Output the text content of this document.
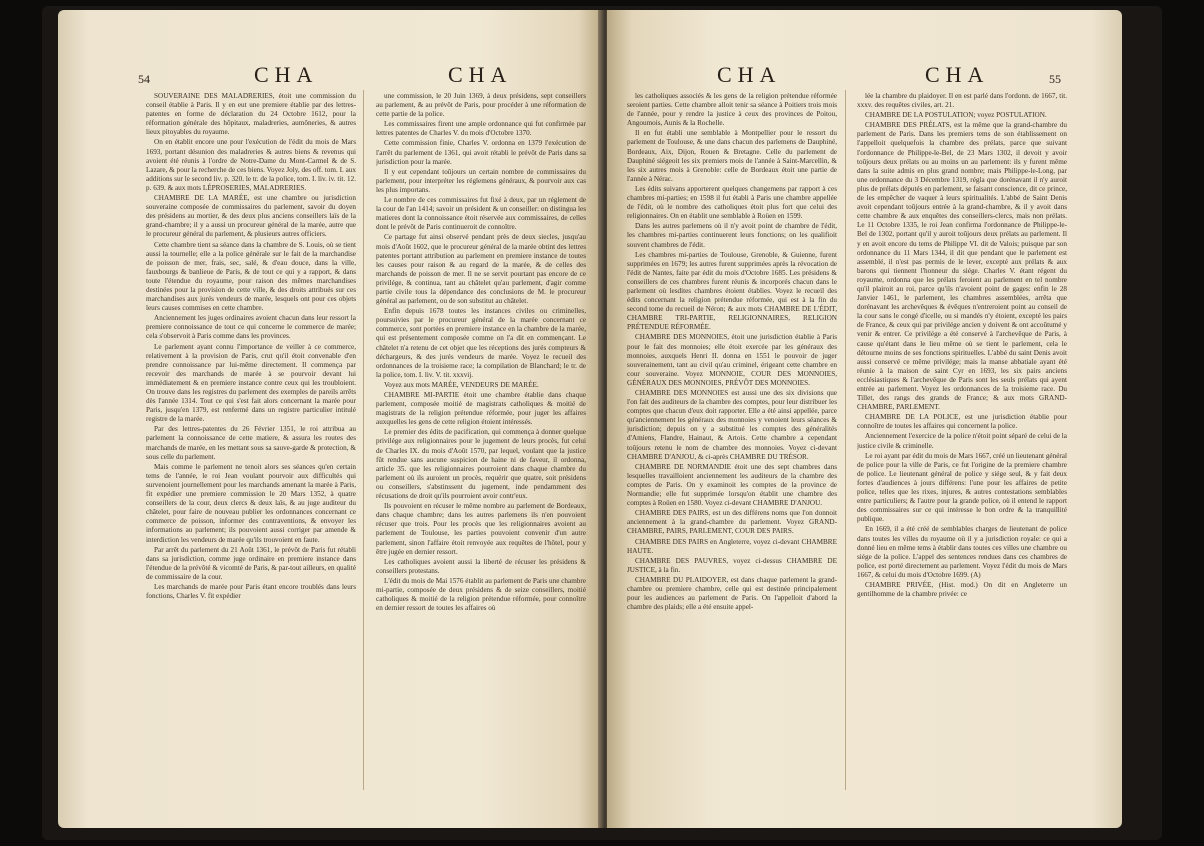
54	CHA	CHA

SOUVERAINE DES MALADRERIES, étoit une commission du conseil établie à Paris. Il y en eut une premiere établie par des lettres-patentes en forme de déclaration du 24 Octobre 1612, pour la réformation générale des hôpitaux, maladreries, aumôneries, & autres lieux pitoyables du royaume.

On en établit encore une pour l'exécution de l'édit du mois de Mars 1693, portant désunion des maladreries & autres biens & revenus qui avoient été réunis à l'ordre de Notre-Dame du Mont-Carmel & de S. Lazare, & pour la recherche de ces biens. Voyez Joly, des off. tom. I. aux additions sur le second liv. p. 320. le tr. de la police, tom. I. liv. iv. tit. 12. p. 639. & aux mots LÉPROSERIES, MALADRERIES.

CHAMBRE DE LA MARÉE, est une chambre ou jurisdiction souveraine composée de commissaires du parlement, savoir du doyen des présidens au mortier, & des deux plus anciens conseillers laïs de la grand-chambre; il y a aussi un procureur général de la marée, autre que le procureur général du parlement, & plusieurs autres officiers.

Cette chambre tient sa séance dans la chambre de S. Louis, où se tient aussi la tournelle; elle a la police générale sur le fait de la marchandise de poisson de mer, frais, sec, salé, & d'eau douce, dans la ville, fauxbourgs & banlieue de Paris, & de tout ce qui y a rapport, & dans toute l'étendue du royaume, pour raison des mêmes marchandises destinées pour la provision de cette ville, & des droits attribués sur ces marchandises aux jurés vendeurs de marée, lesquels ont pour ces objets leurs causes commises en cette chambre.

Anciennement les juges ordinaires avoient chacun dans leur ressort la premiere connoissance de tout ce qui concerne le commerce de marée; cela s'observoit à Paris comme dans les provinces.

Le parlement ayant connu l'importance de veiller à ce commerce, relativement à la provision de Paris, crut qu'il étoit convenable d'en prendre connoissance par lui-même directement. Il commença par recevoir des marchands de marée à se pourvoir devant lui immédiatement & en premiere instance contre ceux qui les troubloient. On trouve dans les registres du parlement des exemples de pareils arrêts dès l'année 1314. Tout ce qui s'est fait alors concernant la marée pour Paris, jusqu'en 1379, est renfermé dans un registre particulier intitulé registre de la marée.

Par des lettres-patentes du 26 Février 1351, le roi attribua au parlement la connoissance de cette matiere, & assura les routes des marchands de marée, en les mettant sous sa sauve-garde & protection, & sous celle du parlement.

Mais comme le parlement ne tenoit alors ses séances qu'en certain tems de l'année, le roi Jean voulant pourvoir aux difficultés qui survenoient journellement pour les marchands amenant la marée à Paris, fit expédier une premiere commission le 20 Mars 1352, à quatre conseillers de la cour, deux clercs & deux laïs, & au juge auditeur du châtelet, pour faire de nouveau publier les ordonnances concernant ce commerce de poisson, informer des contraventions, & envoyer les informations au parlement; ils pouvoient aussi corriger par amende & interdiction les vendeurs de marée qu'ils trouvoient en faute.

Par arrêt du parlement du 21 Août 1361, le prévôt de Paris fut rétabli dans sa jurisdiction, comme juge ordinaire en premiere instance dans l'étendue de la prévôté & vicomté de Paris, & par-tout ailleurs, en qualité de commissaire de la cour.

Les marchands de marée pour Paris étant encore troublés dans leurs fonctions, Charles V. fit expédier

une commission, le 20 Juin 1369, à deux présidens, sept conseillers au parlement, & au prévôt de Paris, pour procéder à une réformation de cette partie de la police.

Les commissaires firent une ample ordonnance qui fut confirmée par lettres patentes de Charles V. du mois d'Octobre 1370.

Cette commission finie, Charles V. ordonna en 1379 l'exécution de l'arrêt du parlement de 1361, qui avoit rétabli le prévôt de Paris dans sa jurisdiction pour la marée.

Il y eut cependant toûjours un certain nombre de commissaires du parlement, pour interpréter les réglemens généraux, & pourvoir aux cas les plus importans.

Le nombre de ces commissaires fut fixé à deux, par un réglement de la cour de l'an 1414; savoir un président & un conseiller: on distingua les matieres dont la connoissance étoit réservée aux commissaires, de celles dont le prévôt de Paris continueroit de connoître.

Ce partage fut ainsi observé pendant près de deux siecles, jusqu'au mois d'Août 1602, que le procureur général de la marée obtint des lettres patentes portant attribution au parlement en premiere instance de toutes les causes pour raison & au regard de la marée, & de celles des marchands de poisson de mer. Il ne se servit pourtant pas encore de ce privilége, & continua, tant au châtelet qu'au parlement, d'agir comme partie civile tous la dépendance des conclusions de M. le procureur général au parlement, ou de son substitut au châtelet.

Enfin depuis 1678 toutes les instances civiles ou criminelles, poursuivies par le procureur général de la marée concernant ce commerce, sont portées en premiere instance en la chambre de la marée, qui est présentement composée comme on l'a dit en commençant. Le châtelet n'a retenu de cet objet que les réceptions des jurés compteurs & déchargeurs, & des jurés vendeurs de marée. Voyez le recueil des ordonnances de la troisieme race; la compilation de Blanchard; le tr. de la police, tom. I. liv. V. tit. xxxvij.

Voyez aux mots MARÉE, VENDEURS DE MARÉE.

CHAMBRE MI-PARTIE étoit une chambre établie dans chaque parlement, composée moitié de magistrats catholiques & moitié de magistrats de la religion prétendue réformée, pour juger les affaires auxquelles les gens de cette religion étoient intéressés.

Le premier des édits de pacification, qui commença à donner quelque privilége aux religionnaires pour le jugement de leurs procès, fut celui de Charles IX. du mois d'Août 1570, par lequel, voulant que la justice fût rendue sans aucune suspicion de haine ni de faveur, il ordonna, article 35. que les religionnaires pourroient dans chaque chambre du parlement où ils auroient un procès, requérir que quatre, soit présidens ou conseillers, s'abstinssent du jugement, inde pendamment des récusations de droit qu'ils pourroient avoir contr'eux.

Ils pouvoient en récuser le même nombre au parlement de Bordeaux, dans chaque chambre; dans les autres parlemens ils n'en pouvoient récuser que trois. Pour les procès que les religionnaires avoient au parlement de Toulouse, les parties pouvoient convenir d'un autre parlement, sinon l'affaire étoit renvoyée aux requêtes de l'hôtel, pour y être jugée en dernier ressort.

Les catholiques avoient aussi la liberté de récuser les présidens & conseillers protestans.

L'édit du mois de Mai 1576 établit au parlement de Paris une chambre mi-partie, composée de deux présidens & de seize conseillers, moitié catholiques & moitié de la religion prétendue réformée, pour connoître en dernier ressort de toutes les affaires où

CHA	CHA	55

les catholiques associés & les gens de la religion prétendue réformée seroient parties. Cette chambre alloit tenir sa séance à Poitiers trois mois de l'année, pour y rendre la justice à ceux des provinces de Poitou, Angoumois, Aunis & la Rochelle.

Il en fut établi une semblable à Montpellier pour le ressort du parlement de Toulouse, & une dans chacun des parlemens de Dauphiné, Bordeaux, Aix, Dijon, Rouen & Bretagne. Celle du parlement de Dauphiné siégeoit les six premiers mois de l'année à Saint-Marcellin, & les six autres mois à Grenoble: celle de Bordeaux étoit une partie de l'année à Nérac.

Les édits suivans apporterent quelques changemens par rapport à ces chambres mi-parties; en 1598 il fut établi à Paris une chambre appellée de l'édit, où le nombre des catholiques étoit plus fort que celui des religionnaires. On en établit une semblable à Roüen en 1599.

Dans les autres parlemens où il n'y avoit point de chambre de l'édit, les chambres mi-parties continuerent leurs fonctions; on les qualifioit souvent chambres de l'édit.

Les chambres mi-parties de Toulouse, Grenoble, & Guienne, furent supprimées en 1679; les autres furent supprimées après la révocation de l'édit de Nantes, faite par édit du mois d'Octobre 1685. Les présidens & conseillers de ces chambres furent réunis & incorporés chacun dans le parlement où lesdites chambres étoient établies. Voyez le recueil des édits concernant la religion prétendue réformée, qui est à la fin du second tome du recueil de Néron; & aux mots CHAMBRE DE L'ÉDIT, CHAMBRE TRI-PARTIE, RELIGIONNAIRES, RELIGION PRÉTENDUE RÉFORMÉE.

CHAMBRE DES MONNOIES, étoit une jurisdiction établie à Paris pour le fait des monnoies; elle étoit exercée par les généraux des monnoies, auxquels Henri II. donna en 1551 le pouvoir de juger souverainement, tant au civil qu'au criminel, érigeant cette chambre en cour souveraine. Voyez MONNOIE, COUR DES MONNOIES, GÉNÉRAUX DES MONNOIES, PRÉVÔT DES MONNOIES.

CHAMBRE DES MONNOIES est aussi une des six divisions que l'on fait des auditeurs de la chambre des comptes, pour leur distribuer les comptes que chacun d'eux doit rapporter. Elle a été ainsi appellée, parce qu'anciennement les généraux des monnoies y venoient leurs séances & jurisdiction; depuis on y a substitué les comptes des généralités d'Amiens, Flandre, Hainaut, & Artois. Cette chambre a cependant toûjours retenu le nom de chambre des monnoies. Voyez ci-devant CHAMBRE D'ANJOU, & ci-après CHAMBRE DU TRÉSOR.

CHAMBRE DE NORMANDIE étoit une des sept chambres dans lesquelles travailloient anciennement les auditeurs de la chambre des comptes de Paris. On y examinoit les comptes de la province de Normandie; elle fut supprimée lorsqu'on établit une chambre des comptes à Roüen en 1580. Voyez ci-devant CHAMBRE D'ANJOU.

CHAMBRE DES PAIRS, est un des différens noms que l'on donnoit anciennement à la grand-chambre du parlement. Voyez GRAND-CHAMBRE, PAIRS, PARLEMENT, COUR DES PAIRS.

CHAMBRE DES PAIRS en Angleterre, voyez ci-devant CHAMBRE HAUTE.

CHAMBRE DES PAUVRES, voyez ci-dessus CHAMBRE DE JUSTICE, à la fin.

CHAMBRE DU PLAIDOYER, est dans chaque parlement la grand-chambre ou premiere chambre, celle qui est destinée principalement pour les audiences au parlement de Paris. On l'appelloit d'abord la chambre des plaids; elle a été ensuite appel-

lée la chambre du plaidoyer. Il en est parlé dans l'ordonn. de 1667, tit. xxxv. des requêtes civiles, art. 21.

CHAMBRE DE LA POSTULATION; voyez POSTULATION.

CHAMBRE DES PRÉLATS, est la même que la grand-chambre du parlement de Paris. Dans les premiers tems de son établissement on l'appelloit quelquefois la chambre des prélats, parce que suivant l'ordonnance de Philippe-le-Bel, de 23 Mars 1302, il devoit y avoir toûjours deux prélats ou au moins un au parlement: ils y furent même dans la suite admis en plus grand nombre; mais Philippe-le-Long, par une ordonnance du 3 Décembre 1319, régla que dorénavant il n'y auroit plus de prélats députés en parlement, se faisant conscience, dit ce prince, de les empêcher de vaquer à leurs spiritualités. L'abbé de Saint Denis avoit cependant toûjours entrée à la grand-chambre, & il y avoit dans cette chambre & aux enquêtes des conseillers-clercs, mais non prélats. Le 11 Octobre 1335, le roi Jean confirma l'ordonnance de Philippe-le-Bel de 1302, portant qu'il y auroit toûjours deux prélats au parlement. Il y en avoit encore du tems de Philippe VI. dit de Valois; puisque par son ordonnance du 11 Mars 1344, il dit que pendant que le parlement est assemblé, il n'est pas permis de le lever, excepté aux prélats & aux barons qui tiennent l'honneur du siége. Charles V. étant régent du royaume, ordonna que les prélats feroient au parlement en tel nombre qu'il plairoit au roi, parce qu'ils n'avoient point de gages: enfin le 28 Janvier 1461, le parlement, les chambres assemblées, arrêta que dorénavant les archevêques & évêques n'entreroient point au conseil de la cour sans le congé d'icelle, ou si mandés n'y étoient, excepté les pairs de France, & ceux qui par privilége ancien y doivent & ont accoûtumé y venir & entrer. Ce privilége a été conservé à l'archevêque de Paris, à cause qu'étant dans le lieu même où se tient le parlement, cela le détourne moins de ses fonctions spirituelles. L'abbé du saint Denis avoit aussi conservé ce même privilége; mais la manse abbatiale ayant été réunie à la maison de saint Cyr en 1693, les six pairs anciens ecclésiastiques & l'archevêque de Paris sont les seuls prélats qui ayent entrée au parlement. Voyez les ordonnances de la troisieme race. Du Tillet, des rangs des grands de France; & aux mots GRAND-CHAMBRE, PARLEMENT.

CHAMBRE DE LA POLICE, est une jurisdiction établie pour connoître de toutes les affaires qui concernent la police.

Anciennement l'exercice de la police n'étoit point séparé de celui de la justice civile & criminelle.

Le roi ayant par édit du mois de Mars 1667, créé un lieutenant général de police pour la ville de Paris, ce fut l'origine de la premiere chambre de police. Le lieutenant général de police y siége seul, & y fait deux fortes d'audiences à jours différens: l'une pour les affaires de petite police, telles que les rixes, injures, & autres contestations semblables entre particuliers; & l'autre pour la grande police, où il entend le rapport des commissaires sur ce qui intéresse le bon ordre & la tranquillité publique.

En 1669, il a été créé de semblables charges de lieutenant de police dans toutes les villes du royaume où il y a jurisdiction royale: ce qui a donné lieu en même tems à établir dans toutes ces villes une chambre ou siége de la police. L'appel des sentences rendues dans ces chambres de police, est porté directement au parlement. Voyez l'édit du mois de Mars 1667, & celui du mois d'Octobre 1699. (A)

CHAMBRE PRIVÉE, (Hist. mod.) On dit en Angleterre un gentilhomme de la chambre privée: ce
